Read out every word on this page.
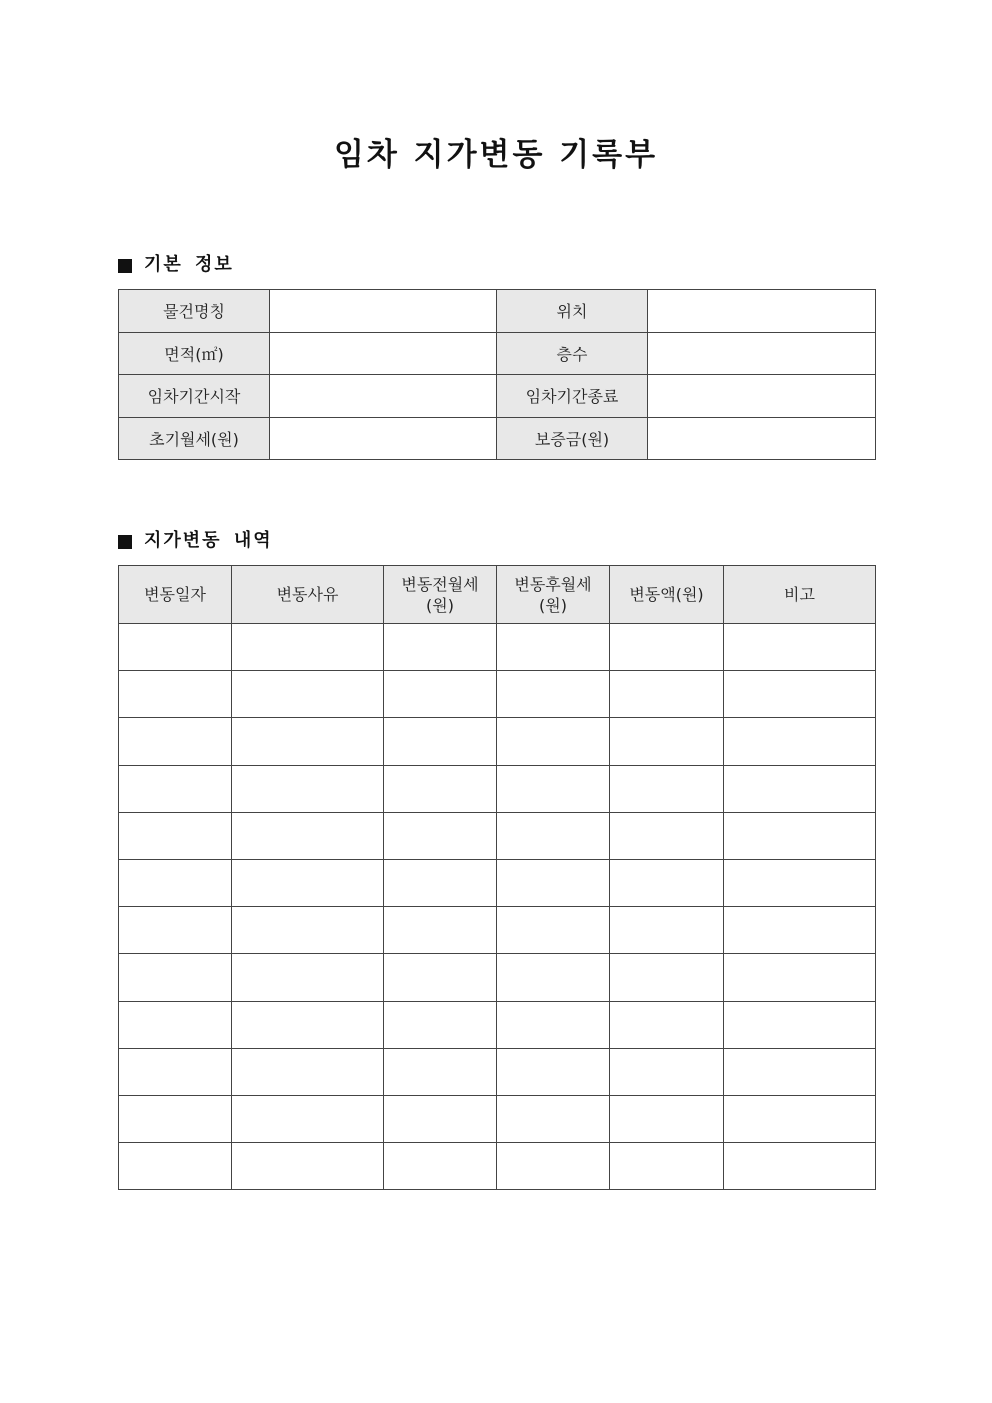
임차 지가변동 기록부
기본 정보
물건명칭		위치	
면적(㎡)		층수	
임차기간시작		임차기간종료	
초기월세(원)		보증금(원)	
지가변동 내역
변동일자	변동사유	변동전월세(원)	변동후월세(원)	변동액(원)	비고
